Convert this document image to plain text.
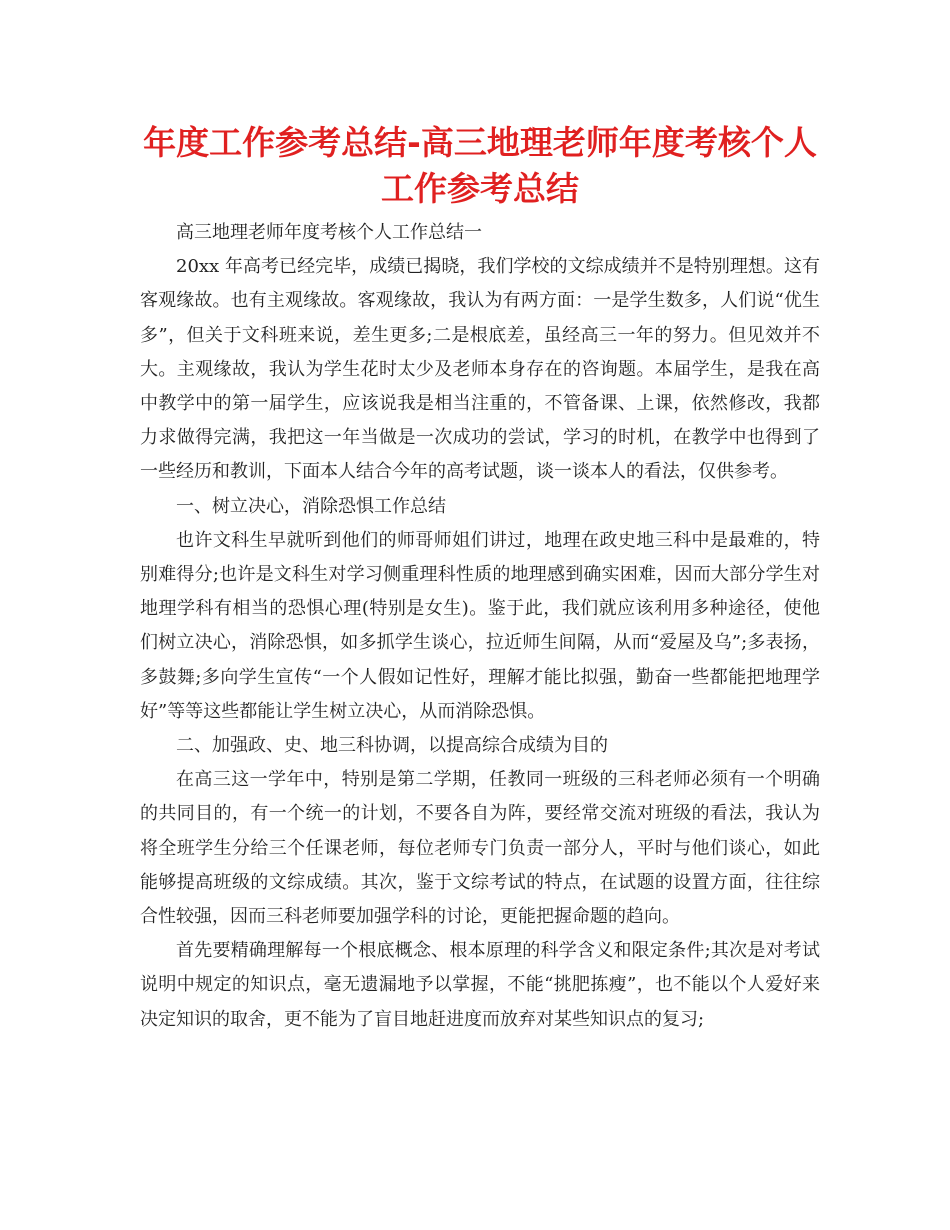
年度工作参考总结-高三地理老师年度考核个人工作参考总结

高三地理老师年度考核个人工作总结一

20xx 年高考已经完毕，成绩已揭晓，我们学校的文综成绩并不是特别理想。这有客观缘故。也有主观缘故。客观缘故，我认为有两方面：一是学生数多，人们说“优生多”，但关于文科班来说，差生更多;二是根底差，虽经高三一年的努力。但见效并不大。主观缘故，我认为学生花时太少及老师本身存在的咨询题。本届学生，是我在高中教学中的第一届学生，应该说我是相当注重的，不管备课、上课，依然修改，我都力求做得完满，我把这一年当做是一次成功的尝试，学习的时机，在教学中也得到了一些经历和教训，下面本人结合今年的高考试题，谈一谈本人的看法，仅供参考。

一、树立决心，消除恐惧工作总结

也许文科生早就听到他们的师哥师姐们讲过，地理在政史地三科中是最难的，特别难得分;也许是文科生对学习侧重理科性质的地理感到确实困难，因而大部分学生对地理学科有相当的恐惧心理(特别是女生)。鉴于此，我们就应该利用多种途径，使他们树立决心，消除恐惧，如多抓学生谈心，拉近师生间隔，从而“爱屋及乌”;多表扬，多鼓舞;多向学生宣传“一个人假如记性好，理解才能比拟强，勤奋一些都能把地理学好”等等这些都能让学生树立决心，从而消除恐惧。

二、加强政、史、地三科协调，以提高综合成绩为目的

在高三这一学年中，特别是第二学期，任教同一班级的三科老师必须有一个明确的共同目的，有一个统一的计划，不要各自为阵，要经常交流对班级的看法，我认为将全班学生分给三个任课老师，每位老师专门负责一部分人，平时与他们谈心，如此能够提高班级的文综成绩。其次，鉴于文综考试的特点，在试题的设置方面，往往综合性较强，因而三科老师要加强学科的讨论，更能把握命题的趋向。

首先要精确理解每一个根底概念、根本原理的科学含义和限定条件;其次是对考试说明中规定的知识点，毫无遗漏地予以掌握，不能“挑肥拣瘦”，也不能以个人爱好来决定知识的取舍，更不能为了盲目地赶进度而放弃对某些知识点的复习;
